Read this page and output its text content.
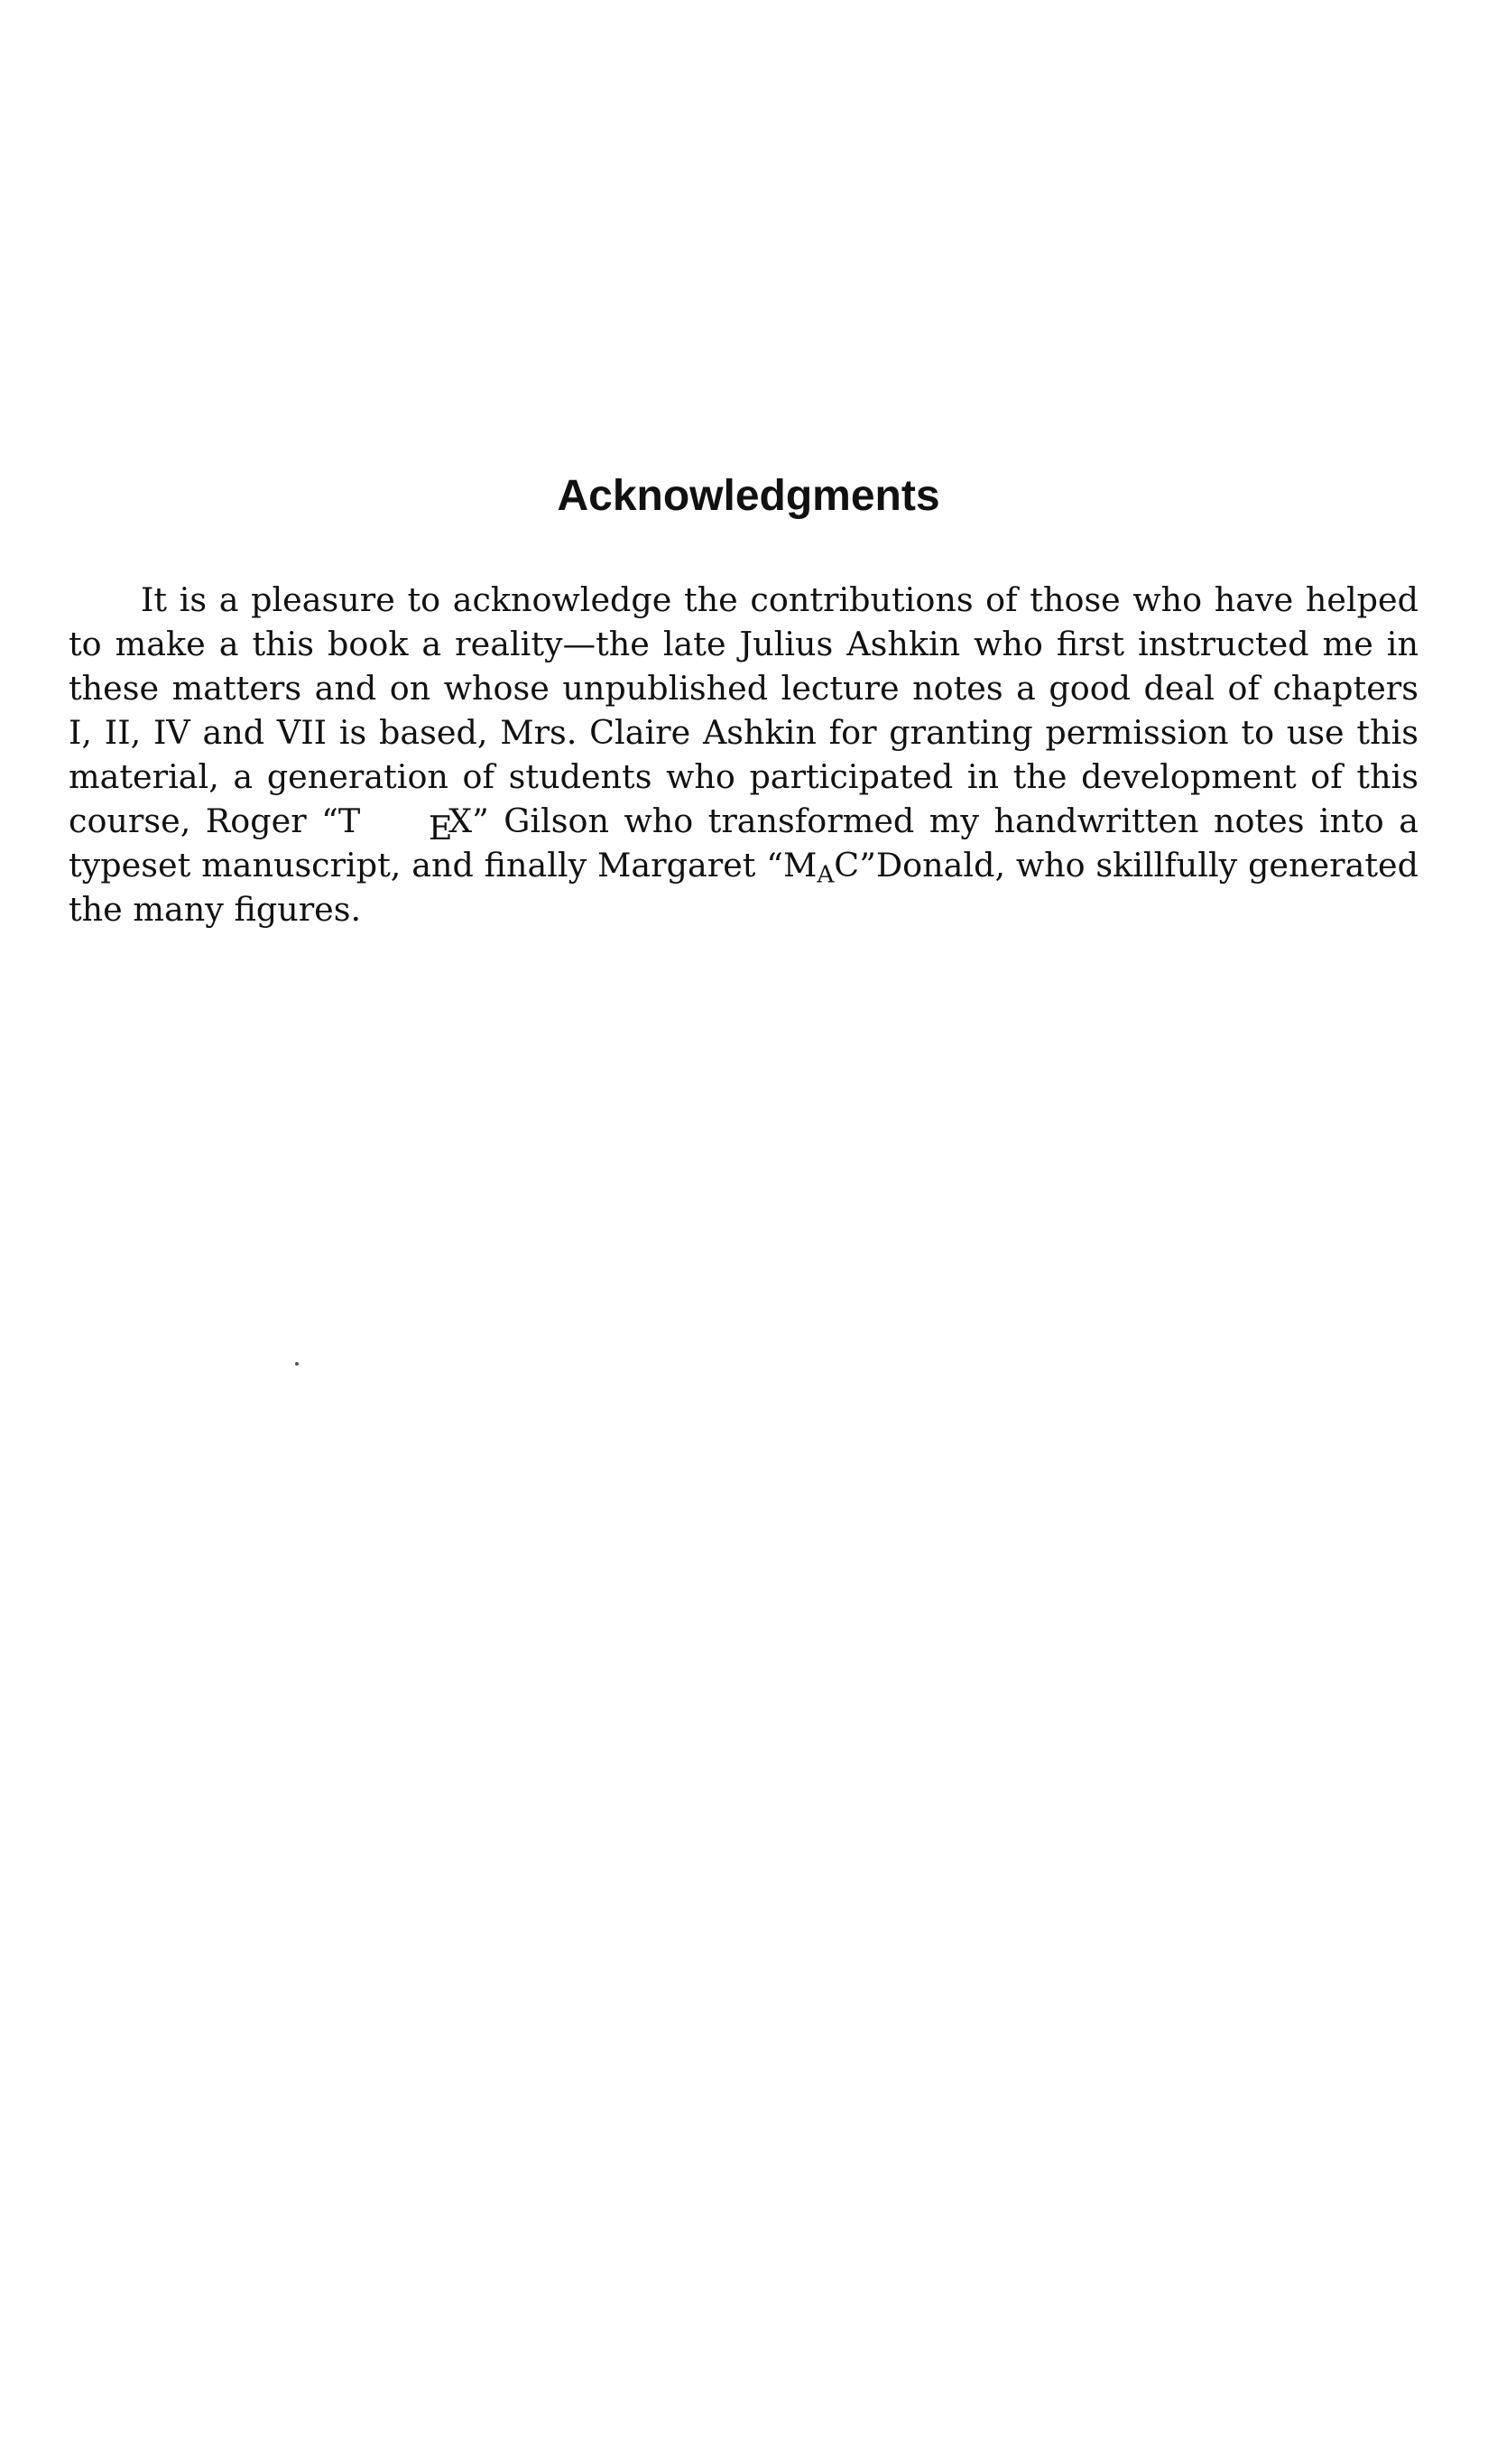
Acknowledgments

It is a pleasure to acknowledge the contributions of those who have helped to make a this book a reality—the late Julius Ashkin who first instructed me in these matters and on whose unpublished lecture notes a good deal of chapters I, II, IV and VII is based, Mrs. Claire Ashkin for granting permission to use this material, a generation of students who participated in the development of this course, Roger “T EX” Gilson who transformed my handwritten notes into a typeset manuscript, and finally Margaret “$M_AC”Donald$, who skillfully generated the many figures.
